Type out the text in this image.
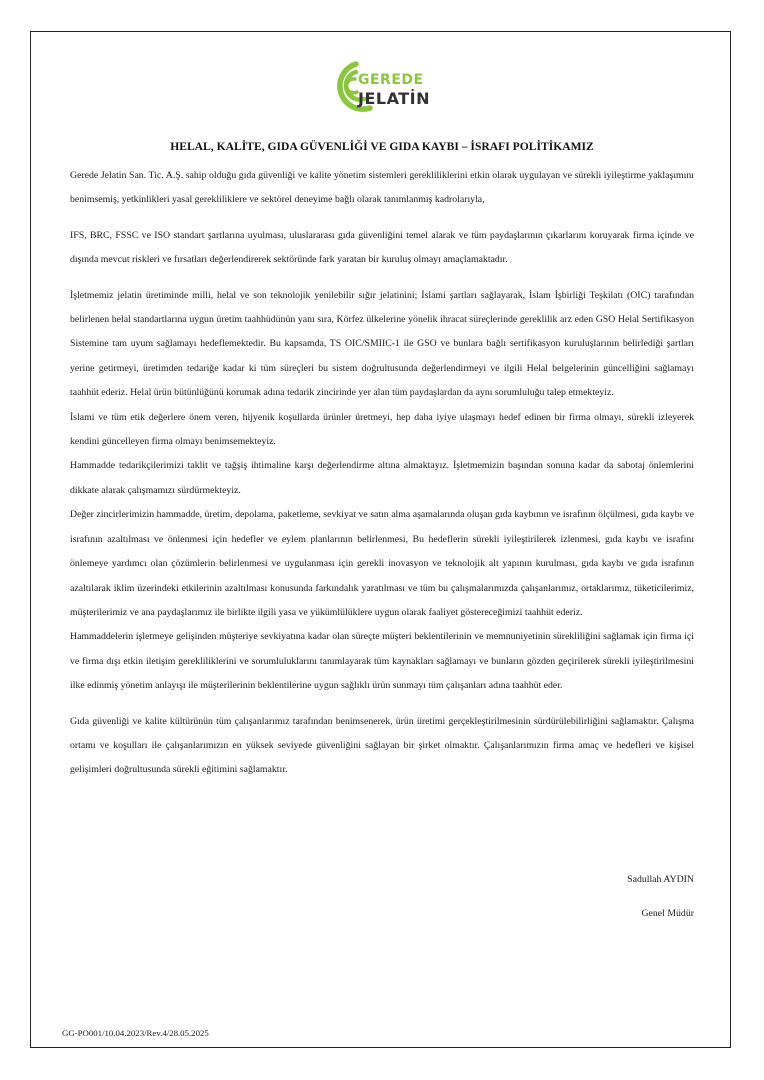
GEREDE
JELATİN
HELAL, KALİTE, GIDA GÜVENLİĞİ VE GIDA KAYBI – İSRAFI POLİTİKAMIZ

Gerede Jelatin San. Tic. A.Ş. sahip olduğu gıda güvenliği ve kalite yönetim sistemleri gerekliliklerini etkin olarak uygulayan ve sürekli iyileştirme yaklaşımını benimsemiş, yetkinlikleri yasal gerekliliklere ve sektörel deneyime bağlı olarak tanımlanmış kadrolarıyla,

IFS, BRC, FSSC ve ISO standart şartlarına uyulması, uluslararası gıda güvenliğini temel alarak ve tüm paydaşlarının çıkarlarını koruyarak firma içinde ve dışında mevcut riskleri ve fırsatları değerlendirerek sektöründe fark yaratan bir kuruluş olmayı amaçlamaktadır.

İşletmemiz jelatin üretiminde milli, helal ve son teknolojik yenilebilir sığır jelatinini; İslami şartları sağlayarak, İslam İşbirliği Teşkilatı (OIC) tarafından belirlenen helal standartlarına uygun üretim taahhüdünün yanı sıra, Körfez ülkelerine yönelik ihracat süreçlerinde gereklilik arz eden GSO Helal Sertifikasyon Sistemine tam uyum sağlamayı hedeflemektedir. Bu kapsamda, TS OIC/SMIIC-1 ile GSO ve bunlara bağlı sertifikasyon kuruluşlarının belirlediği şartları yerine getirmeyi, üretimden tedariğe kadar ki tüm süreçleri bu sistem doğrultusunda değerlendirmeyi ve ilgili Helal belgelerinin güncelliğini sağlamayı taahhüt ederiz. Helal ürün bütünlüğünü korumak adına tedarik zincirinde yer alan tüm paydaşlardan da aynı sorumluluğu talep etmekteyiz.

İslami ve tüm etik değerlere önem veren, hijyenik koşullarda ürünler üretmeyi, hep daha iyiye ulaşmayı hedef edinen bir firma olmayı, sürekli izleyerek kendini güncelleyen firma olmayı benimsemekteyiz.

Hammadde tedarikçilerimizi taklit ve tağşiş ihtimaline karşı değerlendirme altına almaktayız. İşletmemizin başından sonuna kadar da sabotaj önlemlerini dikkate alarak çalışmamızı sürdürmekteyiz.

Değer zincirlerimizin hammadde, üretim, depolama, paketleme, sevkiyat ve satın alma aşamalarında oluşan gıda kaybının ve israfının ölçülmesi, gıda kaybı ve israfının azaltılması ve önlenmesi için hedefler ve eylem planlarının belirlenmesi, Bu hedeflerin sürekli iyileştirilerek izlenmesi, gıda kaybı ve israfını önlemeye yardımcı olan çözümlerin belirlenmesi ve uygulanması için gerekli inovasyon ve teknolojik alt yapının kurulması, gıda kaybı ve gıda israfının azaltılarak iklim üzerindeki etkilerinin azaltılması konusunda farkındalık yaratılması ve tüm bu çalışmalarımızda çalışanlarımız, ortaklarımız, tüketicilerimiz, müşterilerimiz ve ana paydaşlarımız ile birlikte ilgili yasa ve yükümlülüklere uygun olarak faaliyet göstereceğimizi taahhüt ederiz.

Hammaddelerin işletmeye gelişinden müşteriye sevkiyatına kadar olan süreçte müşteri beklentilerinin ve memnuniyetinin sürekliliğini sağlamak için firma içi ve firma dışı etkin iletişim gerekliliklerini ve sorumluluklarını tanımlayarak tüm kaynakları sağlamayı ve bunların gözden geçirilerek sürekli iyileştirilmesini ilke edinmiş yönetim anlayışı ile müşterilerinin beklentilerine uygun sağlıklı ürün sunmayı tüm çalışanları adına taahhüt eder.

Gıda güvenliği ve kalite kültürünün tüm çalışanlarımız tarafından benimsenerek, ürün üretimi gerçekleştirilmesinin sürdürülebilirliğini sağlamaktır. Çalışma ortamı ve koşulları ile çalışanlarımızın en yüksek seviyede güvenliğini sağlayan bir şirket olmaktır. Çalışanlarımızın firma amaç ve hedefleri ve kişisel gelişimleri doğrultusunda sürekli eğitimini sağlamaktır.

Sadullah AYDIN
Genel Müdür
GG-PO001/10.04.2023/Rev.4/28.05.2025
